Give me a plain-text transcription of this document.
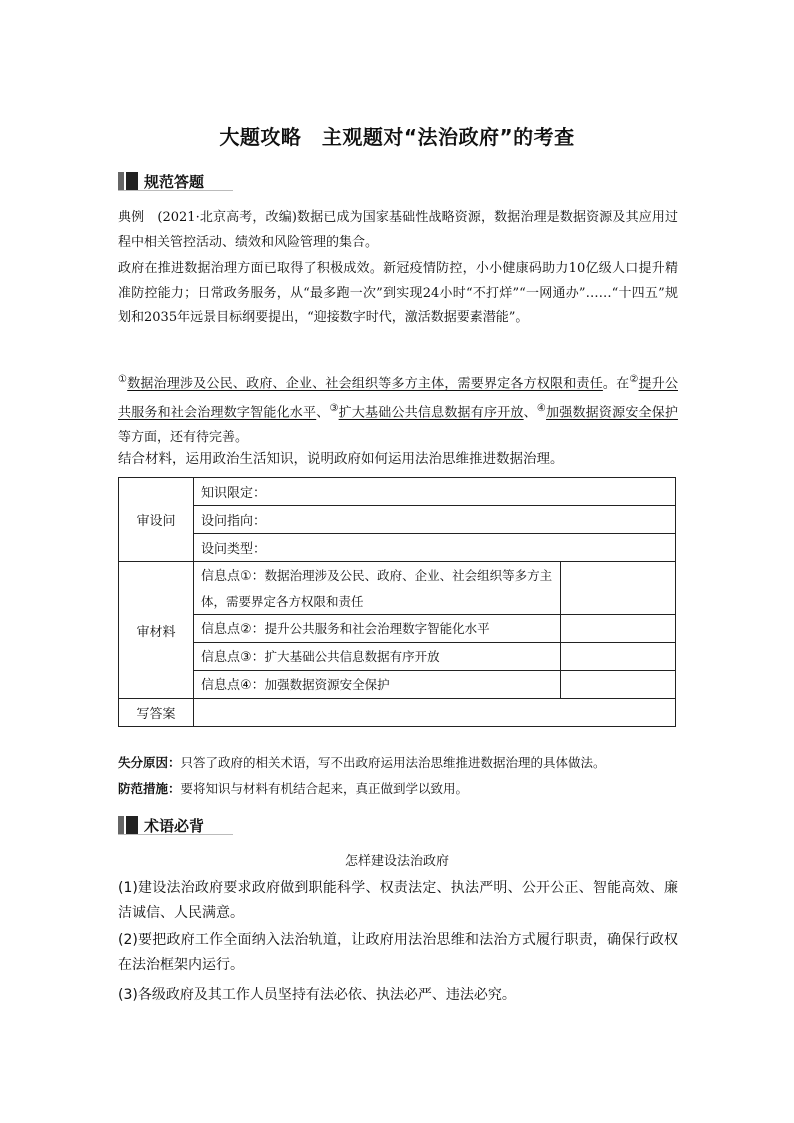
大题攻略　主观题对“法治政府”的考查
规范答题
典例　(2021·北京高考，改编)数据已成为国家基础性战略资源，数据治理是数据资源及其应用过程中相关管控活动、绩效和风险管理的集合。
政府在推进数据治理方面已取得了积极成效。新冠疫情防控，小小健康码助力10亿级人口提升精准防控能力；日常政务服务，从“最多跑一次”到实现24小时“不打烊”“一网通办”……“十四五”规划和2035年远景目标纲要提出，“迎接数字时代，激活数据要素潜能”。
①数据治理涉及公民、政府、企业、社会组织等多方主体，需要界定各方权限和责任。在②提升公共服务和社会治理数字智能化水平、③扩大基础公共信息数据有序开放、④加强数据资源安全保护等方面，还有待完善。
结合材料，运用政治生活知识，说明政府如何运用法治思维推进数据治理。
审设问	知识限定：	
	设问指向：	
	设问类型：	
审材料	信息点①：数据治理涉及公民、政府、企业、社会组织等多方主体，需要界定各方权限和责任	
	信息点②：提升公共服务和社会治理数字智能化水平	
	信息点③：扩大基础公共信息数据有序开放	
	信息点④：加强数据资源安全保护	
写答案		
失分原因：只答了政府的相关术语，写不出政府运用法治思维推进数据治理的具体做法。
防范措施：要将知识与材料有机结合起来，真正做到学以致用。
术语必背
怎样建设法治政府
(1)建设法治政府要求政府做到职能科学、权责法定、执法严明、公开公正、智能高效、廉洁诚信、人民满意。
(2)要把政府工作全面纳入法治轨道，让政府用法治思维和法治方式履行职责，确保行政权在法治框架内运行。
(3)各级政府及其工作人员坚持有法必依、执法必严、违法必究。
